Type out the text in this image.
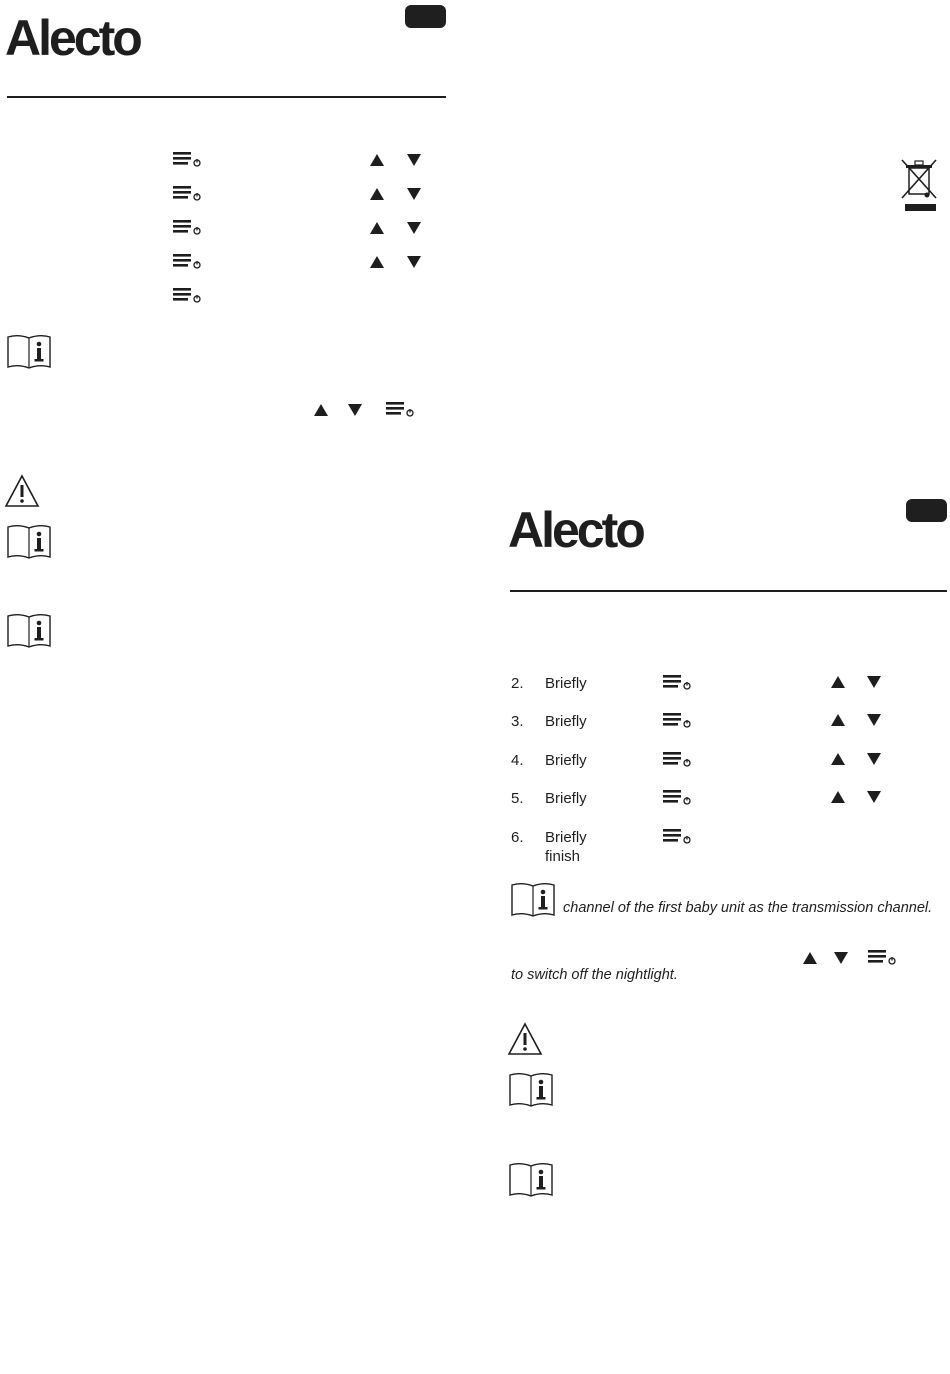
Alecto
Alecto
2. Briefly
3. Briefly
4. Briefly
5. Briefly
6. Briefly
finish
channel of the first baby unit as the transmission channel.
to switch off the nightlight.
